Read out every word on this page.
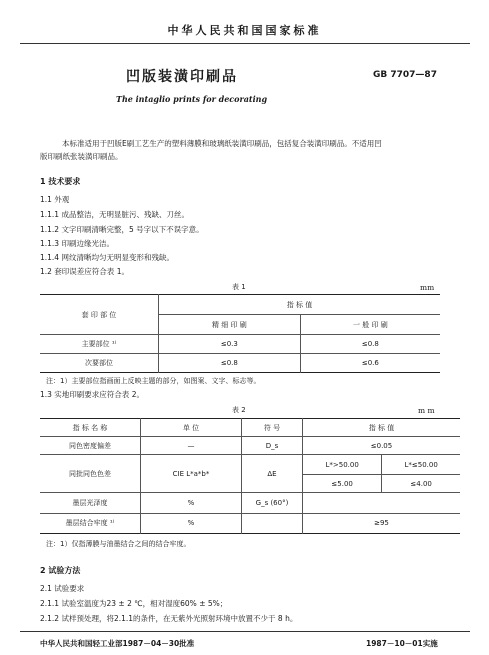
中华人民共和国国家标准
凹版装潢印刷品	GB 7707—87
The intaglio prints for decorating
本标准适用于凹版E刷工艺生产的塑料薄膜和玻璃纸装潢印刷品，包括复合装潢印刷品。不适用凹
版印刷纸张装潢印刷品。
1 技术要求
1.1 外观
1.1.1 成品整洁，无明显脏污、残缺、刀丝。
1.1.2 文字印刷清晰完整，5 号字以下不误字意。
1.1.3 印刷边缘光洁。
1.1.4 网纹清晰均匀无明显变形和残缺。
1.2 套印误差应符合表 1。
表 1	mm
套 印 部 位	指 标 值	
	精 细 印 刷	一 般 印 刷
主要部位 ¹⁾	≤0.3	≤0.8
次要部位	≤0.8	≤0.6
注：1）主要部位指画面上反映主题的部分，如图案、文字、标志等。
1.3 实地印刷要求应符合表 2。
表 2	m m
指 标 名 称	单 位	符 号	指 标 值	
同色密度偏差	—	D_s	≤0.05	
同批同色色差	CIE L*a*b*	ΔE	L*>50.00	L*≤50.00
			≤5.00	≤4.00
墨层光泽度	%	G_s (60°)		
墨层结合牢度 ¹⁾	%		≥95	
注：1）仅指薄膜与油墨结合之间的结合牢度。
2 试验方法
2.1 试验要求
2.1.1 试验室温度为23 ± 2 ℃，相对湿度60% ± 5%；
2.1.2 试样预处理，将2.1.1的条件，在无紫外光照射环境中放置不少于 8 h。
中华人民共和国轻工业部1987－04－30批准	1987－10－01实施
